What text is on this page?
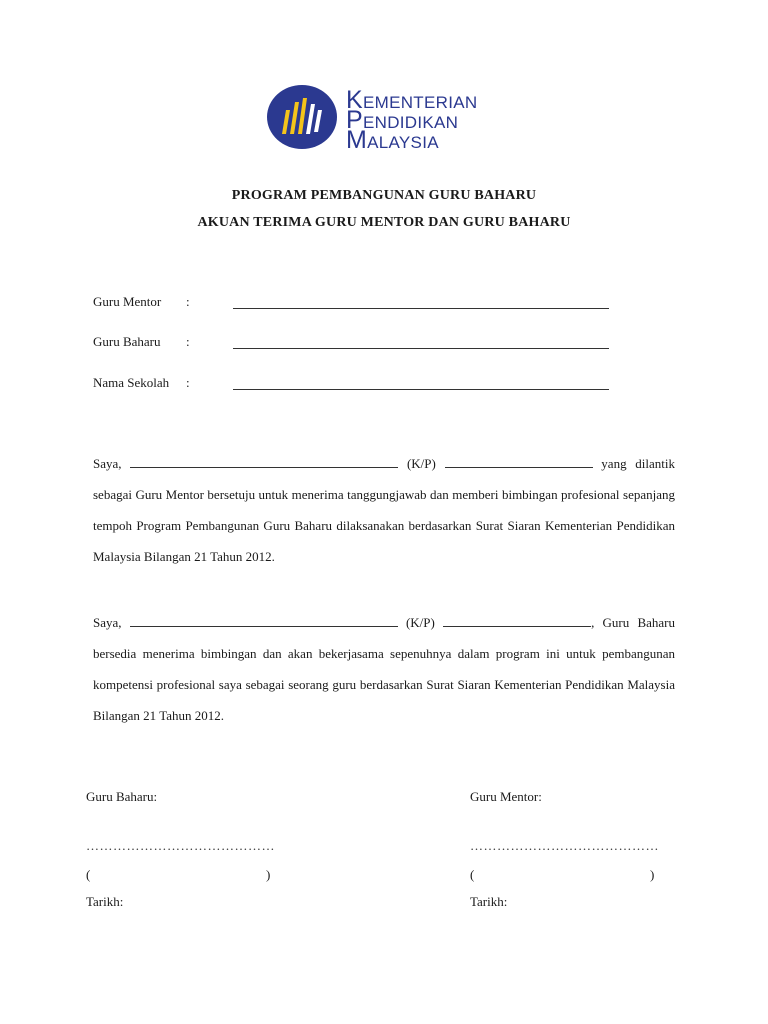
KEMENTERIAN
PENDIDIKAN
MALAYSIA
PROGRAM PEMBANGUNAN GURU BAHARU
AKUAN TERIMA GURU MENTOR DAN GURU BAHARU
Guru Mentor :
Guru Baharu :
Nama Sekolah :
Saya,	(K/P)	yang dilantik sebagai Guru Mentor bersetuju untuk menerima tanggungjawab dan memberi bimbingan profesional sepanjang tempoh Program Pembangunan Guru Baharu dilaksanakan berdasarkan Surat Siaran Kementerian Pendidikan Malaysia Bilangan 21 Tahun 2012.
Saya,	(K/P)	, Guru Baharu bersedia menerima bimbingan dan akan bekerjasama sepenuhnya dalam program ini untuk pembangunan kompetensi profesional saya sebagai seorang guru berdasarkan Surat Siaran Kementerian Pendidikan Malaysia Bilangan 21 Tahun 2012.
Guru Baharu:
……………………………………
(	)
Tarikh:
Guru Mentor:
……………………………………
(	)
Tarikh:
